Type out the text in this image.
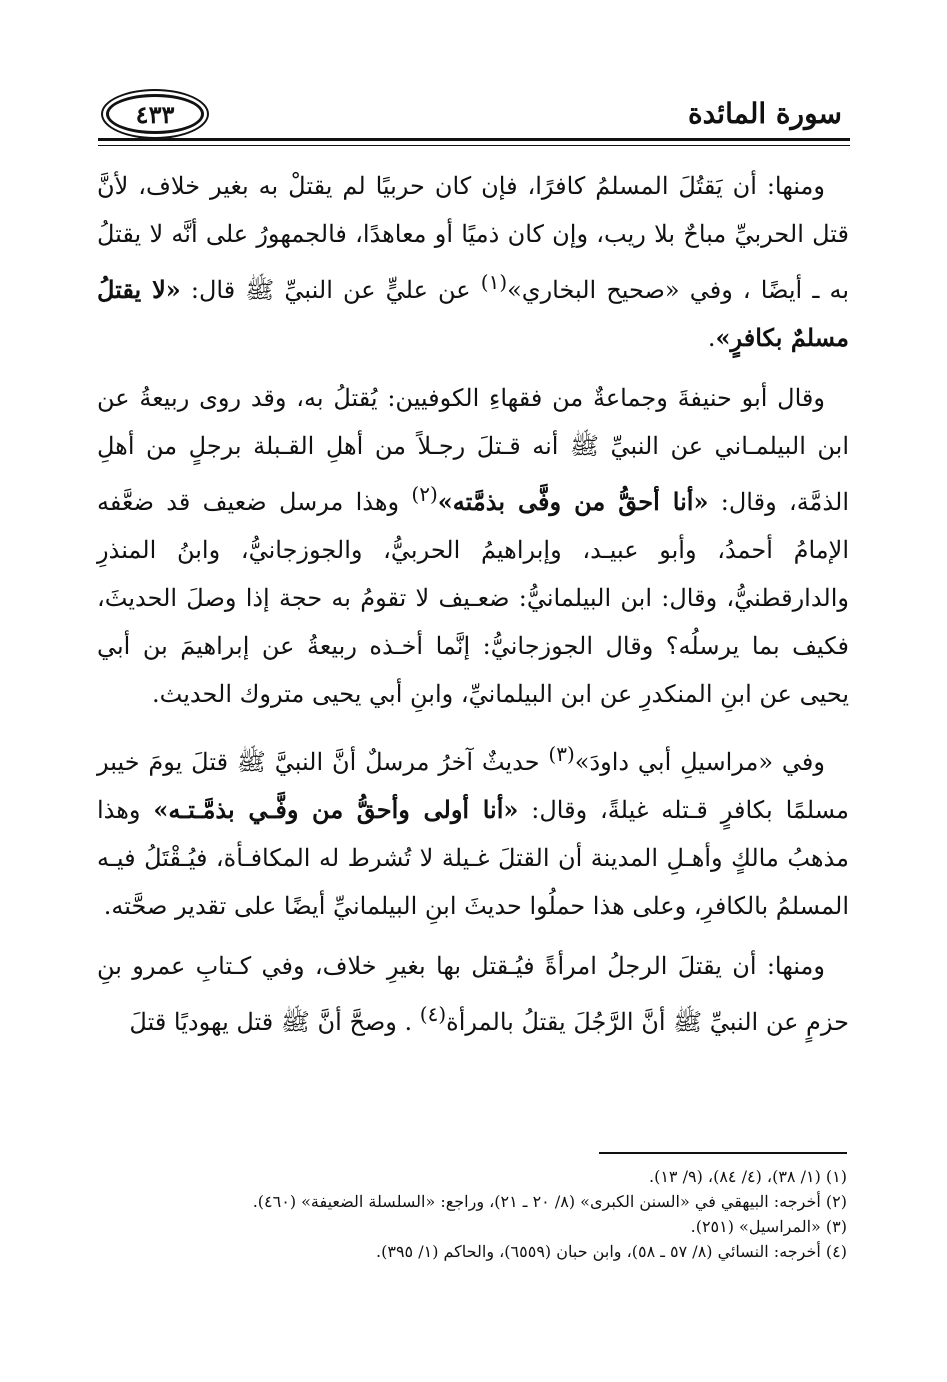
سورة المائدة
٤٣٣

ومنها: أن يَقتُلَ المسلمُ كافرًا، فإن كان حربيًا لم يقتلْ به بغير خلاف، لأنَّ قتل الحربيِّ مباحٌ بلا ريب، وإن كان ذميًا أو معاهدًا، فالجمهورُ على أنَّه لا يقتلُ به ـ أيضًا ، وفي «صحيح البخاري»$^{(١)}$ عن عليٍّ عن النبيِّ ﷺ قال: «لا يقتلُ مسلمٌ بكافرٍ».

وقال أبو حنيفةَ وجماعةٌ من فقهاءِ الكوفيين: يُقتلُ به، وقد روى ربيعةُ عن ابن البيلمـاني عن النبيِّ ﷺ أنه قـتلَ رجـلاً من أهلِ القـبلة برجلٍ من أهلِ الذمَّة، وقال: «أنا أحقُّ من وفَّى بذمَّته»$^{(٢)}$ وهذا مرسل ضعيف قد ضعَّفه الإمامُ أحمدُ، وأبو عبيـد، وإبراهيمُ الحربيُّ، والجوزجانيُّ، وابنُ المنذرِ والدارقطنيُّ، وقال: ابن البيلمانيُّ: ضعـيف لا تقومُ به حجة إذا وصلَ الحديثَ، فكيف بما يرسلُه؟ وقال الجوزجانيُّ: إنَّما أخـذه ربيعةُ عن إبراهيمَ بن أبي يحيى عن ابنِ المنكدرِ عن ابن البيلمانيِّ، وابنِ أبي يحيى متروك الحديث.

وفي «مراسيلِ أبي داودَ»$^{(٣)}$ حديثٌ آخرُ مرسلٌ أنَّ النبيَّ ﷺ قتلَ يومَ خيبر مسلمًا بكافرٍ قـتله غيلةً، وقال: «أنا أولى وأحقُّ من وفَّـي بذمَّـتـه» وهذا مذهبُ مالكٍ وأهـلِ المدينة أن القتلَ غـيلة لا تُشرط له المكافـأة، فيُـقْتَلُ فيـه المسلمُ بالكافرِ، وعلى هذا حملُوا حديثَ ابنِ البيلمانيِّ أيضًا على تقدير صحَّته.

ومنها: أن يقتلَ الرجلُ امرأةً فيُـقتل بها بغيرِ خلاف، وفي كـتابِ عمرو بنِ حزمٍ عن النبيِّ ﷺ أنَّ الرَّجُلَ يقتلُ بالمرأة$^{(٤)}$ . وصحَّ أنَّ ﷺ قتل يهوديًا قتلَ

(١) (١/ ٣٨)، (٤/ ٨٤)، (٩/ ١٣).
(٢) أخرجه: البيهقي في «السنن الكبرى» (٨/ ٢٠ ـ ٢١)، وراجع: «السلسلة الضعيفة» (٤٦٠).
(٣) «المراسيل» (٢٥١).
(٤) أخرجه: النسائي (٨/ ٥٧ ـ ٥٨)، وابن حبان (٦٥٥٩)، والحاكم (١/ ٣٩٥).
